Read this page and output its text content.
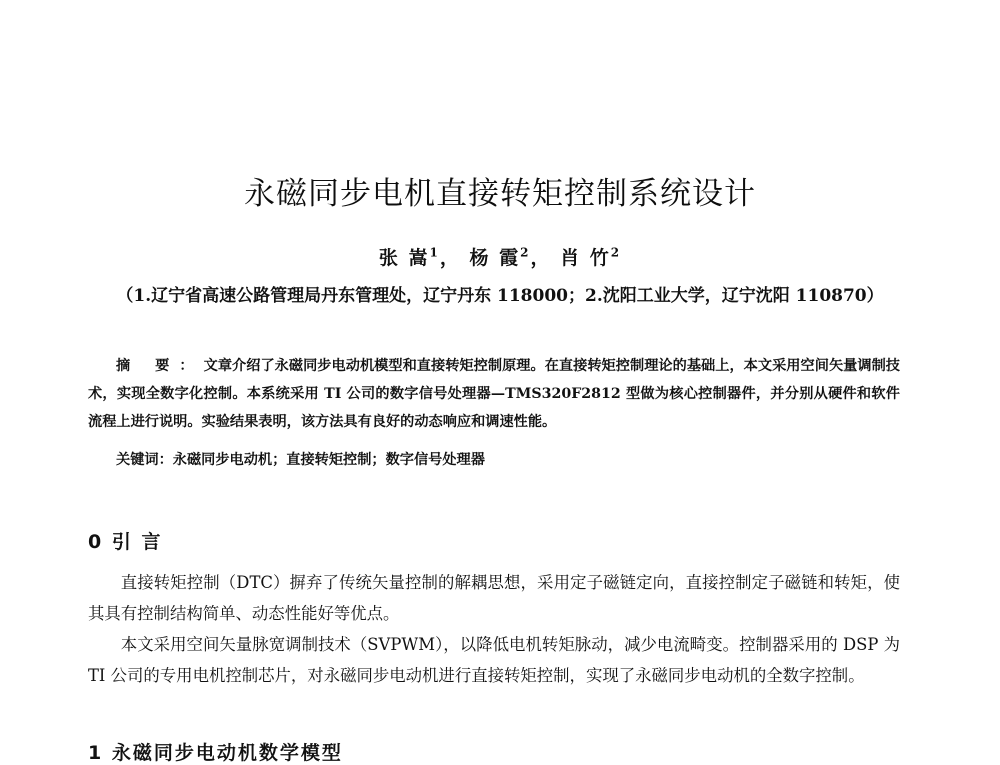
永磁同步电机直接转矩控制系统设计
张 嵩$^1$， 杨 霞$^2$， 肖 竹$^2$
（1.辽宁省高速公路管理局丹东管理处，辽宁丹东 118000；2.沈阳工业大学，辽宁沈阳 110870）
摘 要：文章介绍了永磁同步电动机模型和直接转矩控制原理。在直接转矩控制理论的基础上，本文采用空间矢量调制技术，实现全数字化控制。本系统采用 TI 公司的数字信号处理器—TMS320F2812 型做为核心控制器件，并分别从硬件和软件流程上进行说明。实验结果表明，该方法具有良好的动态响应和调速性能。
关键词：永磁同步电动机；直接转矩控制；数字信号处理器
0 引 言

直接转矩控制（DTC）摒弃了传统矢量控制的解耦思想，采用定子磁链定向，直接控制定子磁链和转矩，使其具有控制结构简单、动态性能好等优点。

本文采用空间矢量脉宽调制技术（SVPWM），以降低电机转矩脉动，减少电流畸变。控制器采用的 DSP 为 TI 公司的专用电机控制芯片，对永磁同步电动机进行直接转矩控制，实现了永磁同步电动机的全数字控制。

1 永磁同步电动机数学模型
